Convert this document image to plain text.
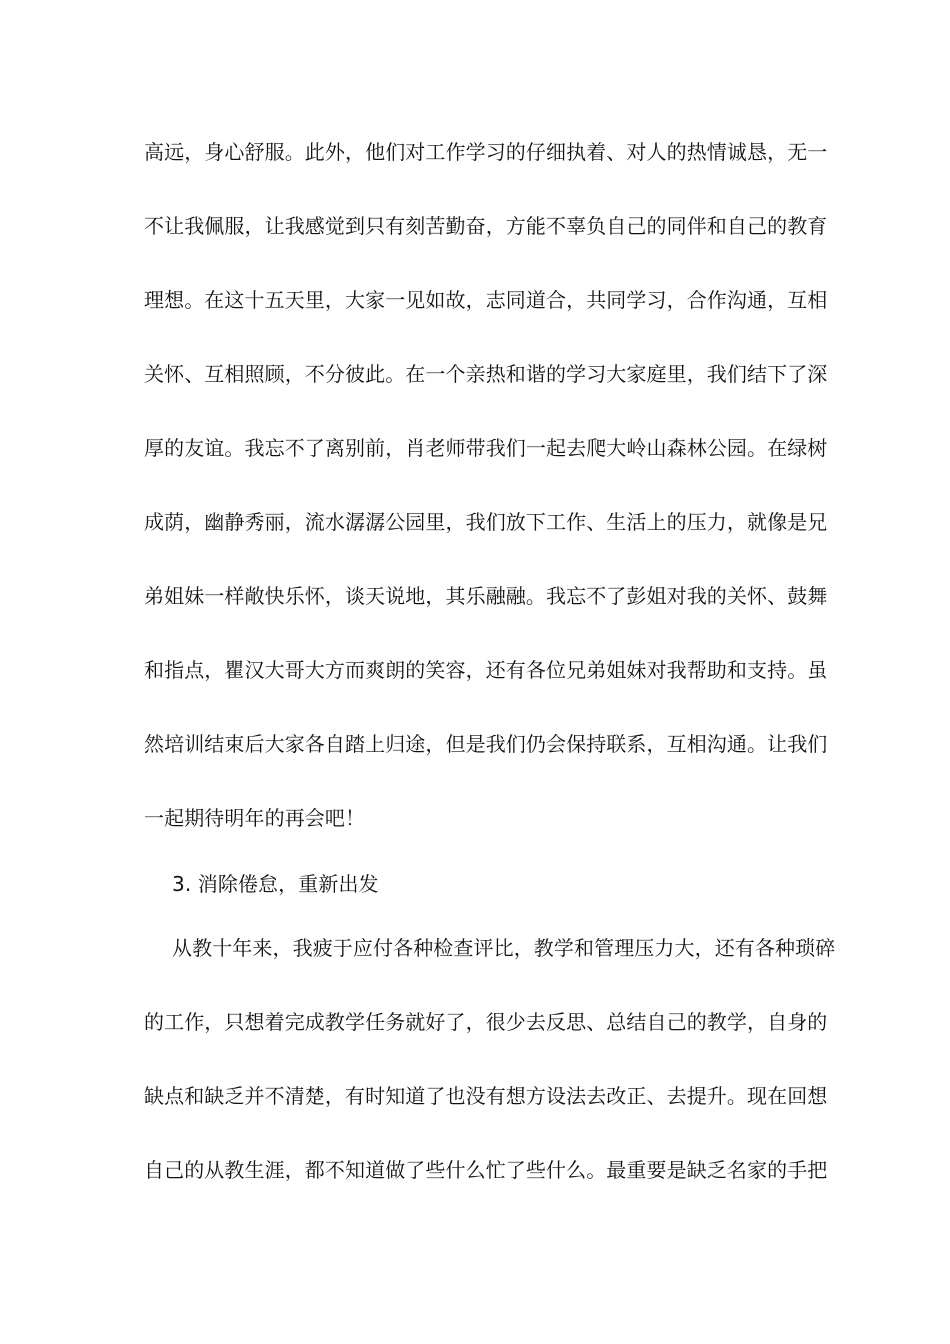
高远，身心舒服。此外，他们对工作学习的仔细执着、对人的热情诚恳，无一
不让我佩服，让我感觉到只有刻苦勤奋，方能不辜负自己的同伴和自己的教育
理想。在这十五天里，大家一见如故，志同道合，共同学习，合作沟通，互相
关怀、互相照顾，不分彼此。在一个亲热和谐的学习大家庭里，我们结下了深
厚的友谊。我忘不了离别前，肖老师带我们一起去爬大岭山森林公园。在绿树
成荫，幽静秀丽，流水潺潺公园里，我们放下工作、生活上的压力，就像是兄
弟姐妹一样敞快乐怀，谈天说地，其乐融融。我忘不了彭姐对我的关怀、鼓舞
和指点，瞿汉大哥大方而爽朗的笑容，还有各位兄弟姐妹对我帮助和支持。虽
然培训结束后大家各自踏上归途，但是我们仍会保持联系，互相沟通。让我们
一起期待明年的再会吧！
3. 消除倦怠，重新出发
从教十年来，我疲于应付各种检查评比，教学和管理压力大，还有各种琐碎
的工作，只想着完成教学任务就好了，很少去反思、总结自己的教学，自身的
缺点和缺乏并不清楚，有时知道了也没有想方设法去改正、去提升。现在回想
自己的从教生涯，都不知道做了些什么忙了些什么。最重要是缺乏名家的手把
